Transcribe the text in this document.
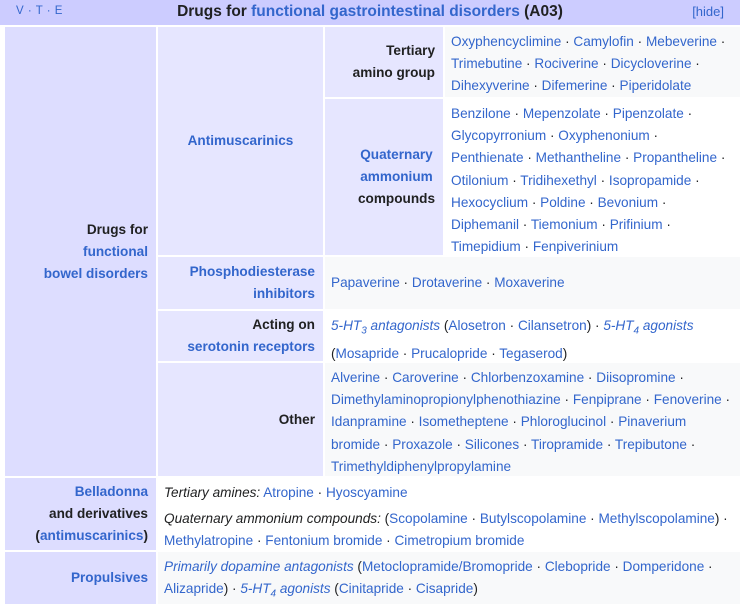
V · T · E	Drugs for functional gastrointestinal disorders (A03)	[hide]
Drugs for
functional
bowel disorders
Antimuscarinics
Tertiary
amino group
Oxyphencyclimine · Camylofin · Mebeverine · Trimebutine · Rociverine · Dicycloverine · Dihexyverine · Difemerine · Piperidolate
Quaternary
ammonium
compounds
Benzilone · Mepenzolate · Pipenzolate · Glycopyrronium · Oxyphenonium · Penthienate · Methantheline · Propantheline · Otilonium · Tridihexethyl · Isopropamide · Hexocyclium · Poldine · Bevonium · Diphemanil · Tiemonium · Prifinium · Timepidium · Fenpiverinium
Phosphodiesterase
inhibitors
Papaverine · Drotaverine · Moxaverine
Acting on
serotonin receptors
$5-HT_3$ antagonists (Alosetron · Cilansetron) · $5-HT_4$ agonists (Mosapride · Prucalopride · Tegaserod)
Other
Alverine · Caroverine · Chlorbenzoxamine · Diisopromine · Dimethylaminopropionylphenothiazine · Fenpiprane · Fenoverine · Idanpramine · Isometheptene · Phloroglucinol · Pinaverium bromide · Proxazole · Silicones · Tiropramide · Trepibutone · Trimethyldiphenylpropylamine
Belladonna
and derivatives
(antimuscarinics)
Tertiary amines: Atropine · Hyoscyamine
Quaternary ammonium compounds: (Scopolamine · Butylscopolamine · Methylscopolamine) · Methylatropine · Fentonium bromide · Cimetropium bromide
Propulsives
Primarily dopamine antagonists (Metoclopramide/Bromopride · Clebopride · Domperidone · Alizapride) · $5-HT_4$ agonists (Cinitapride · Cisapride)
